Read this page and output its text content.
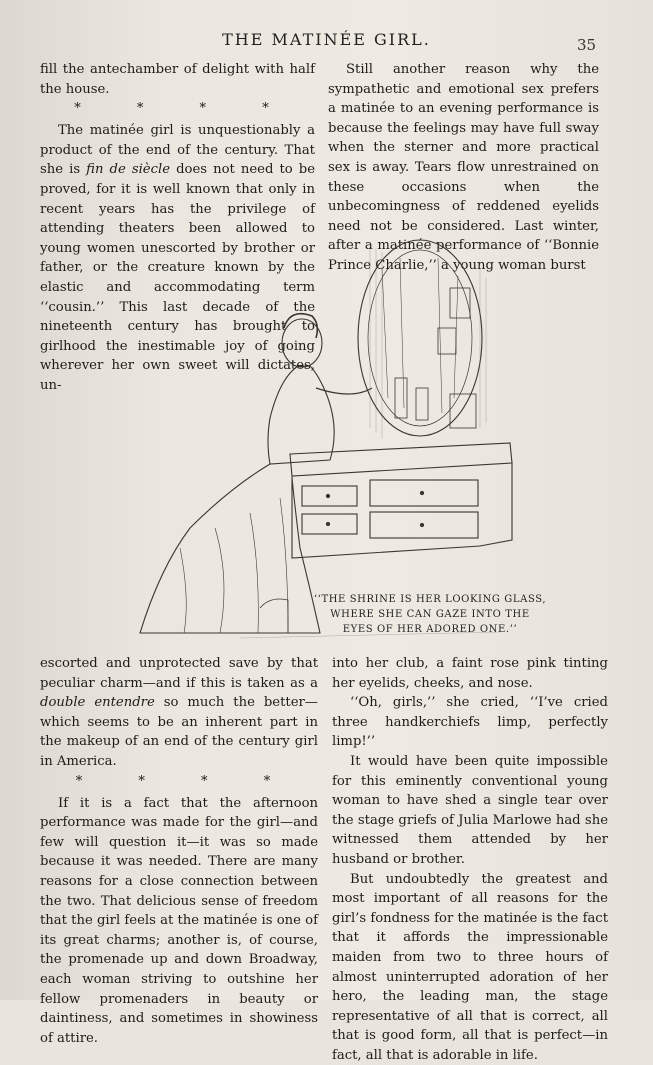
THE MATINÉE GIRL.	35

fill the antechamber of delight with half the house.

* * * *

The matinée girl is unquestionably a product of the end of the century. That she is fin de siècle does not need to be proved, for it is well known that only in recent years has the privilege of attending theaters been allowed to young women unescorted by brother or father, or the creature known by the elastic and accommodating term ‘‘cousin.’’ This last decade of the nineteenth century has brought to girlhood the inestimable joy of going wherever her own sweet will dictates, un-

Still another reason why the sympathetic and emotional sex prefers a matinée to an evening performance is because the feelings may have full sway when the sterner and more practical sex is away. Tears flow unrestrained on these occasions when the unbecomingness of reddened eyelids need not be considered. Last winter, after a matinée performance of ‘‘Bonnie Prince Charlie,’’ a young woman burst

‘‘THE SHRINE IS HER LOOKING GLASS,
WHERE SHE CAN GAZE INTO THE
EYES OF HER ADORED ONE.’’

escorted and unprotected save by that peculiar charm—and if this is taken as a double entendre so much the better—which seems to be an inherent part in the makeup of an end of the century girl in America.

* * * *

If it is a fact that the afternoon performance was made for the girl—and few will question it—it was so made because it was needed. There are many reasons for a close connection between the two. That delicious sense of freedom that the girl feels at the matinée is one of its great charms; another is, of course, the promenade up and down Broadway, each woman striving to outshine her fellow promenaders in beauty or daintiness, and sometimes in showiness of attire.

into her club, a faint rose pink tinting her eyelids, cheeks, and nose.

‘‘Oh, girls,’’ she cried, ‘‘I’ve cried three handkerchiefs limp, perfectly limp!’’

It would have been quite impossible for this eminently conventional young woman to have shed a single tear over the stage griefs of Julia Marlowe had she witnessed them attended by her husband or brother.

But undoubtedly the greatest and most important of all reasons for the girl’s fondness for the matinée is the fact that it affords the impressionable maiden from two to three hours of almost uninterrupted adoration of her hero, the leading man, the stage representative of all that is correct, all that is good form, all that is perfect—in fact, all that is adorable in life.
